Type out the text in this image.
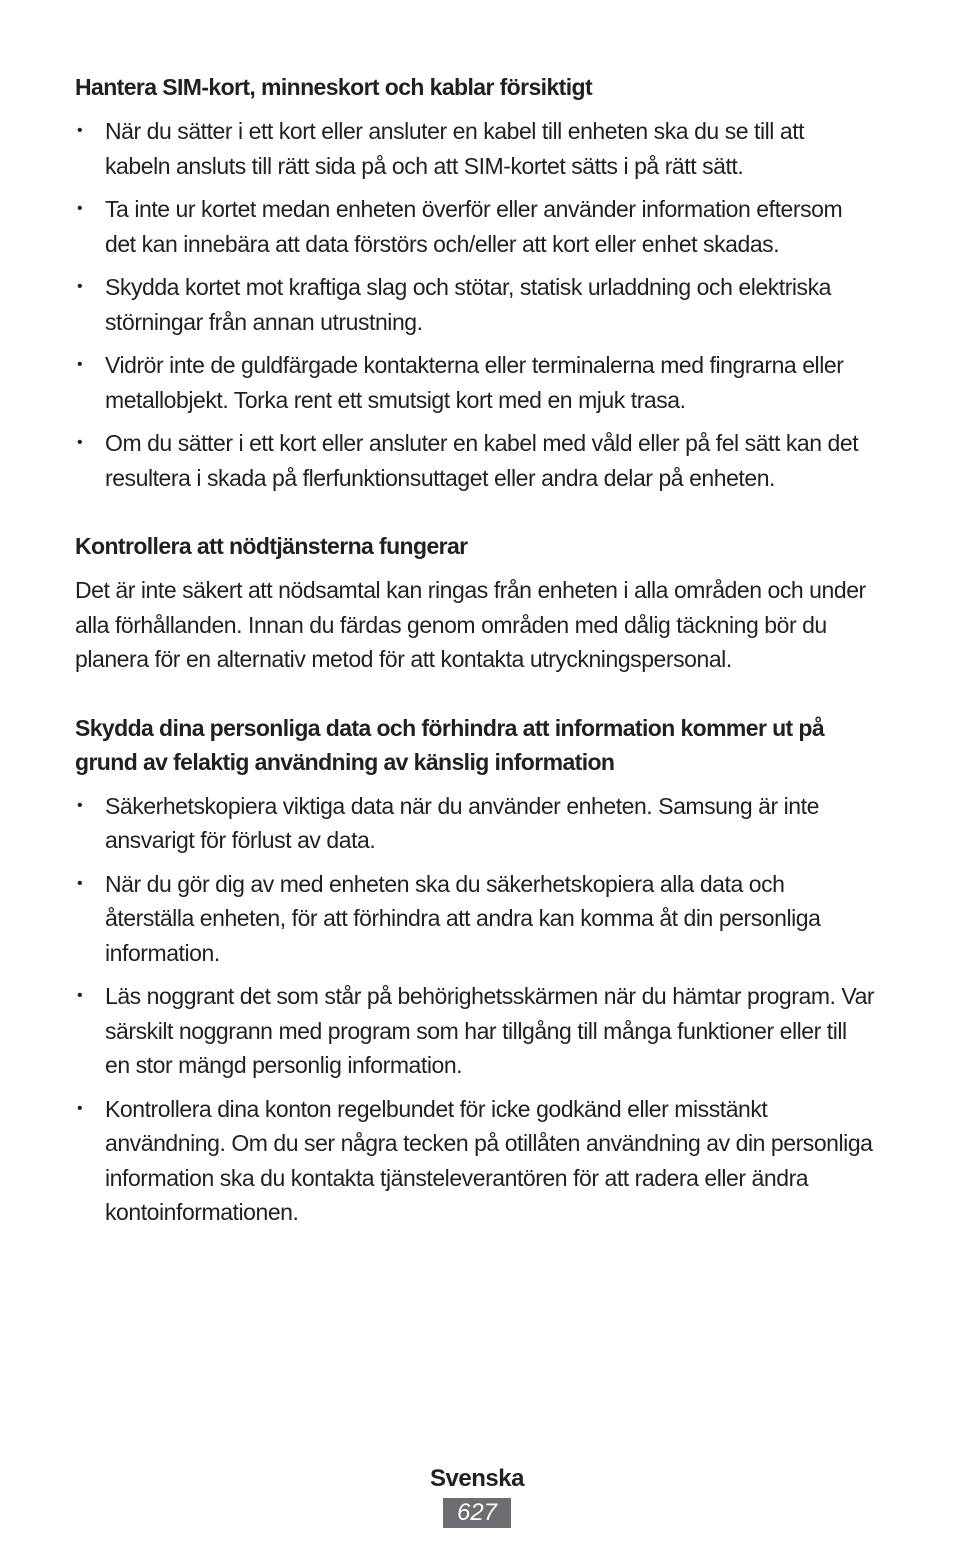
Hantera SIM-kort, minneskort och kablar försiktigt
• När du sätter i ett kort eller ansluter en kabel till enheten ska du se till att kabeln ansluts till rätt sida på och att SIM-kortet sätts i på rätt sätt.
• Ta inte ur kortet medan enheten överför eller använder information eftersom det kan innebära att data förstörs och/eller att kort eller enhet skadas.
• Skydda kortet mot kraftiga slag och stötar, statisk urladdning och elektriska störningar från annan utrustning.
• Vidrör inte de guldfärgade kontakterna eller terminalerna med fingrarna eller metallobjekt. Torka rent ett smutsigt kort med en mjuk trasa.
• Om du sätter i ett kort eller ansluter en kabel med våld eller på fel sätt kan det resultera i skada på flerfunktionsuttaget eller andra delar på enheten.
Kontrollera att nödtjänsterna fungerar

Det är inte säkert att nödsamtal kan ringas från enheten i alla områden och under alla förhållanden. Innan du färdas genom områden med dålig täckning bör du planera för en alternativ metod för att kontakta utryckningspersonal.

Skydda dina personliga data och förhindra att information kommer ut på grund av felaktig användning av känslig information
• Säkerhetskopiera viktiga data när du använder enheten. Samsung är inte ansvarigt för förlust av data.
• När du gör dig av med enheten ska du säkerhetskopiera alla data och återställa enheten, för att förhindra att andra kan komma åt din personliga information.
• Läs noggrant det som står på behörighetsskärmen när du hämtar program. Var särskilt noggrann med program som har tillgång till många funktioner eller till en stor mängd personlig information.
• Kontrollera dina konton regelbundet för icke godkänd eller misstänkt användning. Om du ser några tecken på otillåten användning av din personliga information ska du kontakta tjänsteleverantören för att radera eller ändra kontoinformationen.
Svenska
627
